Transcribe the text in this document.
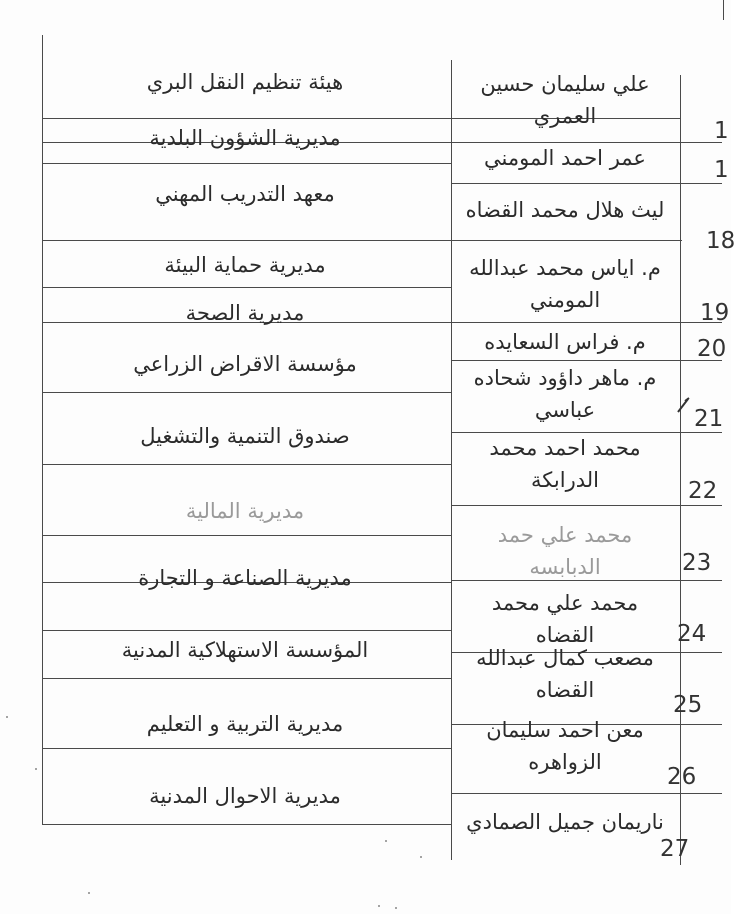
علي سليمان حسين
العمري
هيئة تنظيم النقل البري
1
عمر احمد المومني
مديرية الشؤون البلدية
1
ليث هلال محمد القضاه
معهد التدريب المهني
18
م. اياس محمد عبدالله
المومني
مديرية حماية البيئة
19
م. فراس السعايده
مديرية الصحة
20
م. ماهر داؤود شحاده
عباسي
مؤسسة الاقراض الزراعي
21
محمد احمد محمد
الدرابكة
صندوق التنمية والتشغيل
22
محمد علي حمد الدبابسه
مديرية المالية
23
محمد علي محمد القضاه
مديرية الصناعة و التجارة
24
مصعب كمال عبدالله
القضاه
المؤسسة الاستهلاكية المدنية
25
معن احمد سليمان
الزواهره
مديرية التربية و التعليم
26
ناريمان جميل الصمادي
مديرية الاحوال المدنية
27
